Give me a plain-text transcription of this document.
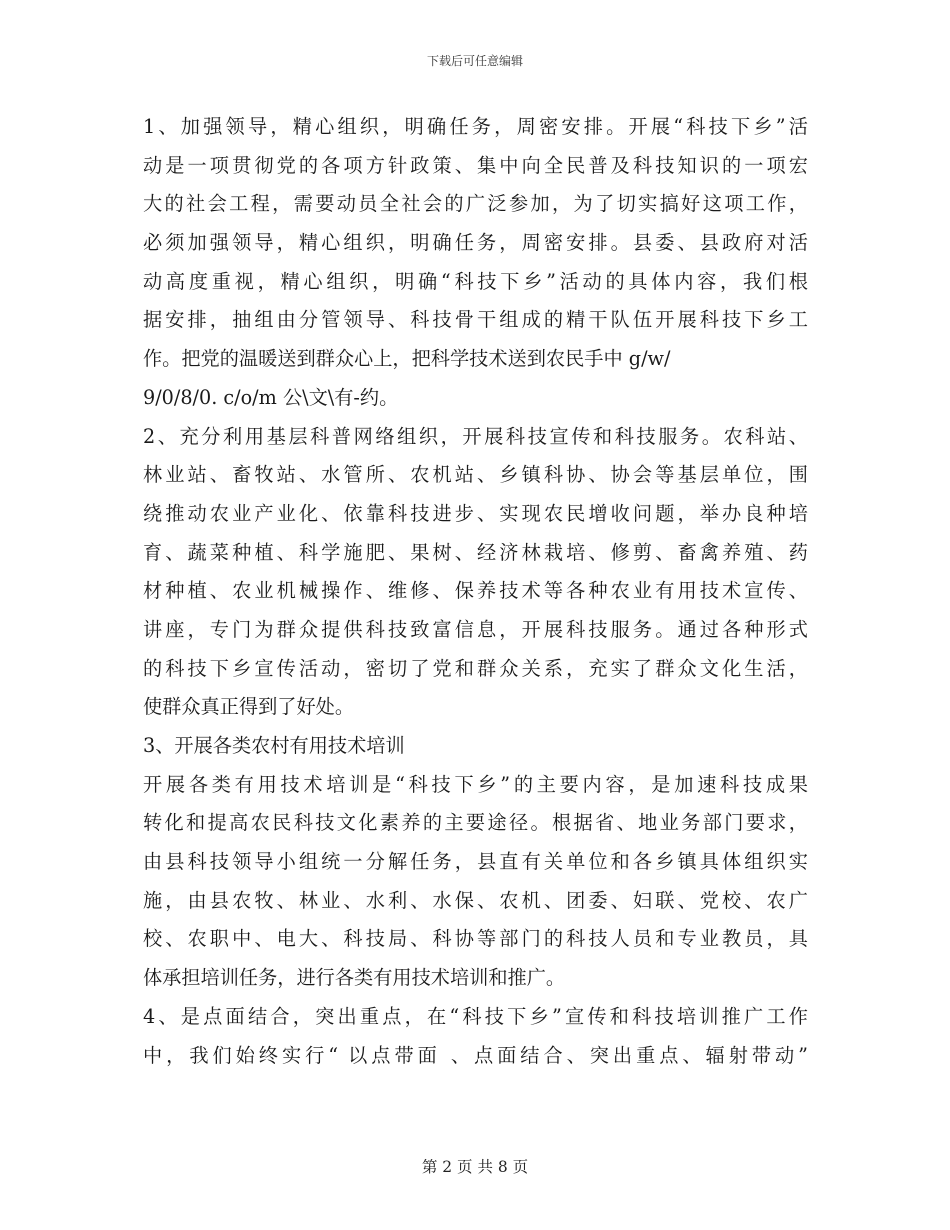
下载后可任意编辑
1、加强领导，精心组织，明确任务，周密安排。开展“科技下乡”活
动是一项贯彻党的各项方针政策、集中向全民普及科技知识的一项宏
大的社会工程，需要动员全社会的广泛参加，为了切实搞好这项工作，
必须加强领导，精心组织，明确任务，周密安排。县委、县政府对活
动高度重视，精心组织，明确“科技下乡”活动的具体内容，我们根
据安排，抽组由分管领导、科技骨干组成的精干队伍开展科技下乡工
作。把党的温暖送到群众心上，把科学技术送到农民手中 g/w/
9/0/8/0. c/o/m 公\文\有-约。
2、充分利用基层科普网络组织，开展科技宣传和科技服务。农科站、
林业站、畜牧站、水管所、农机站、乡镇科协、协会等基层单位，围
绕推动农业产业化、依靠科技进步、实现农民增收问题，举办良种培
育、蔬菜种植、科学施肥、果树、经济林栽培、修剪、畜禽养殖、药
材种植、农业机械操作、维修、保养技术等各种农业有用技术宣传、
讲座，专门为群众提供科技致富信息，开展科技服务。通过各种形式
的科技下乡宣传活动，密切了党和群众关系，充实了群众文化生活，
使群众真正得到了好处。
3、开展各类农村有用技术培训
开展各类有用技术培训是“科技下乡”的主要内容，是加速科技成果
转化和提高农民科技文化素养的主要途径。根据省、地业务部门要求，
由县科技领导小组统一分解任务，县直有关单位和各乡镇具体组织实
施，由县农牧、林业、水利、水保、农机、团委、妇联、党校、农广
校、农职中、电大、科技局、科协等部门的科技人员和专业教员，具
体承担培训任务，进行各类有用技术培训和推广。
4、是点面结合，突出重点，在“科技下乡”宣传和科技培训推广工作
中，我们始终实行“ 以点带面 、点面结合、突出重点、辐射带动”
第 2 页 共 8 页
